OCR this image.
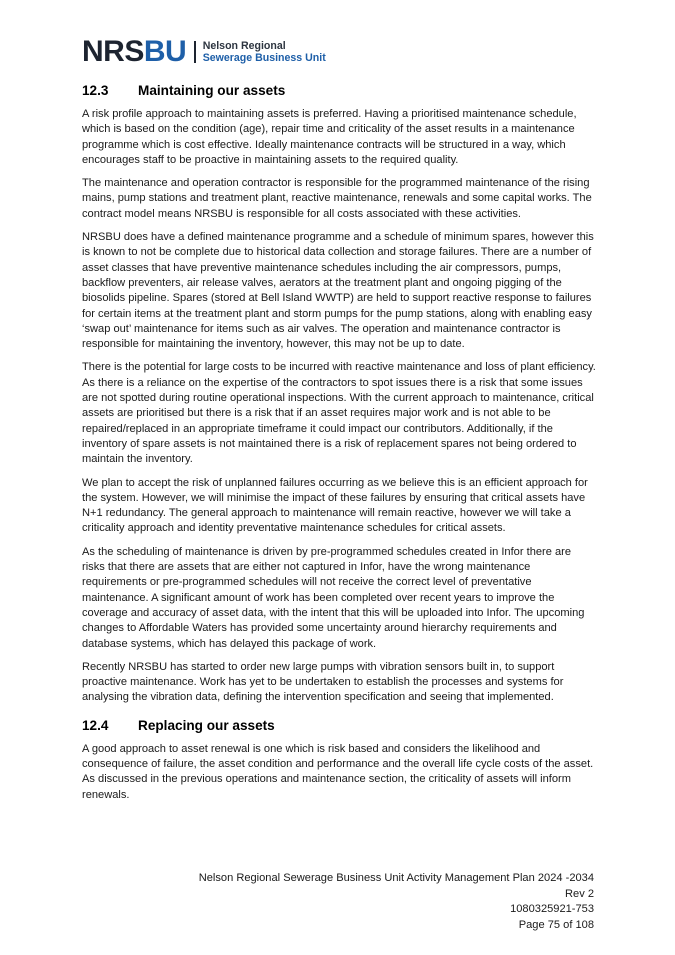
NRSBU Nelson Regional
Sewerage Business Unit
12.3	Maintaining our assets

A risk profile approach to maintaining assets is preferred. Having a prioritised maintenance schedule, which is based on the condition (age), repair time and criticality of the asset results in a maintenance programme which is cost effective. Ideally maintenance contracts will be structured in a way, which encourages staff to be proactive in maintaining assets to the required quality.

The maintenance and operation contractor is responsible for the programmed maintenance of the rising mains, pump stations and treatment plant, reactive maintenance, renewals and some capital works. The contract model means NRSBU is responsible for all costs associated with these activities.

NRSBU does have a defined maintenance programme and a schedule of minimum spares, however this is known to not be complete due to historical data collection and storage failures. There are a number of asset classes that have preventive maintenance schedules including the air compressors, pumps, backflow preventers, air release valves, aerators at the treatment plant and ongoing pigging of the biosolids pipeline. Spares (stored at Bell Island WWTP) are held to support reactive response to failures for certain items at the treatment plant and storm pumps for the pump stations, along with enabling easy ‘swap out’ maintenance for items such as air valves. The operation and maintenance contractor is responsible for maintaining the inventory, however, this may not be up to date.

There is the potential for large costs to be incurred with reactive maintenance and loss of plant efficiency. As there is a reliance on the expertise of the contractors to spot issues there is a risk that some issues are not spotted during routine operational inspections. With the current approach to maintenance, critical assets are prioritised but there is a risk that if an asset requires major work and is not able to be repaired/replaced in an appropriate timeframe it could impact our contributors. Additionally, if the inventory of spare assets is not maintained there is a risk of replacement spares not being ordered to maintain the inventory.

We plan to accept the risk of unplanned failures occurring as we believe this is an efficient approach for the system. However, we will minimise the impact of these failures by ensuring that critical assets have N+1 redundancy. The general approach to maintenance will remain reactive, however we will take a criticality approach and identity preventative maintenance schedules for critical assets.

As the scheduling of maintenance is driven by pre-programmed schedules created in Infor there are risks that there are assets that are either not captured in Infor, have the wrong maintenance requirements or pre-programmed schedules will not receive the correct level of preventative maintenance. A significant amount of work has been completed over recent years to improve the coverage and accuracy of asset data, with the intent that this will be uploaded into Infor. The upcoming changes to Affordable Waters has provided some uncertainty around hierarchy requirements and database systems, which has delayed this package of work.

Recently NRSBU has started to order new large pumps with vibration sensors built in, to support proactive maintenance. Work has yet to be undertaken to establish the processes and systems for analysing the vibration data, defining the intervention specification and seeing that implemented.

12.4	Replacing our assets

A good approach to asset renewal is one which is risk based and considers the likelihood and consequence of failure, the asset condition and performance and the overall life cycle costs of the asset. As discussed in the previous operations and maintenance section, the criticality of assets will inform renewals.

Nelson Regional Sewerage Business Unit Activity Management Plan 2024 -2034
Rev 2
1080325921-753
Page 75 of 108
